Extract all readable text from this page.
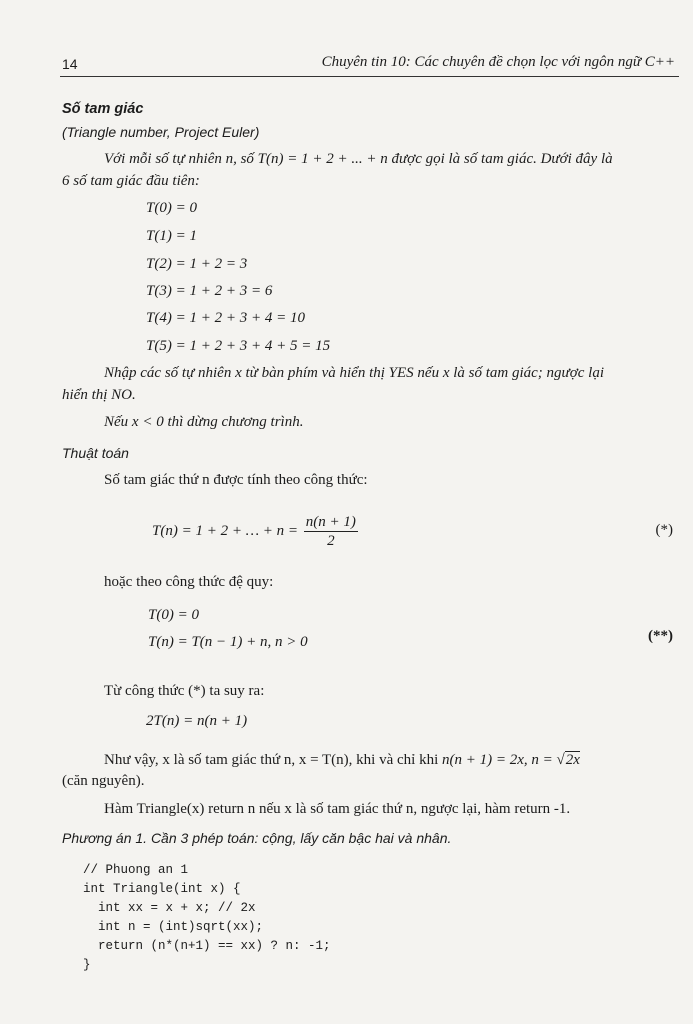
14	Chuyên tin 10: Các chuyên đề chọn lọc với ngôn ngữ C++
Số tam giác
(Triangle number, Project Euler)
Với mỗi số tự nhiên n, số T(n) = 1 + 2 + ... + n được gọi là số tam giác. Dưới đây là
6 số tam giác đầu tiên:
T(0) = 0
T(1) = 1
T(2) = 1 + 2 = 3
T(3) = 1 + 2 + 3 = 6
T(4) = 1 + 2 + 3 + 4 = 10
T(5) = 1 + 2 + 3 + 4 + 5 = 15
Nhập các số tự nhiên x từ bàn phím và hiển thị YES nếu x là số tam giác; ngược lại
hiển thị NO.
Nếu x < 0 thì dừng chương trình.
Thuật toán
Số tam giác thứ n được tính theo công thức:
T(n) = 1 + 2 + … + $n = \frac{n(n + 1)}{2}$	(*)
hoặc theo công thức đệ quy:
T(0) = 0
T(n) = T(n − 1) + n, n > 0	(**)
Từ công thức (*) ta suy ra:
2T(n) = n(n + 1)
Như vậy, x là số tam giác thứ n, x = T(n), khi và chỉ khi n(n + 1) = 2x, n = √2x
(căn nguyên).
Hàm Triangle(x) return n nếu x là số tam giác thứ n, ngược lại, hàm return -1.
Phương án 1. Cần 3 phép toán: cộng, lấy căn bậc hai và nhân.
// Phuong an 1
int Triangle(int x) {
int xx = x + x; // 2x
int n = (int)sqrt(xx);
return (n*(n+1) == xx) ? n: -1;
}
